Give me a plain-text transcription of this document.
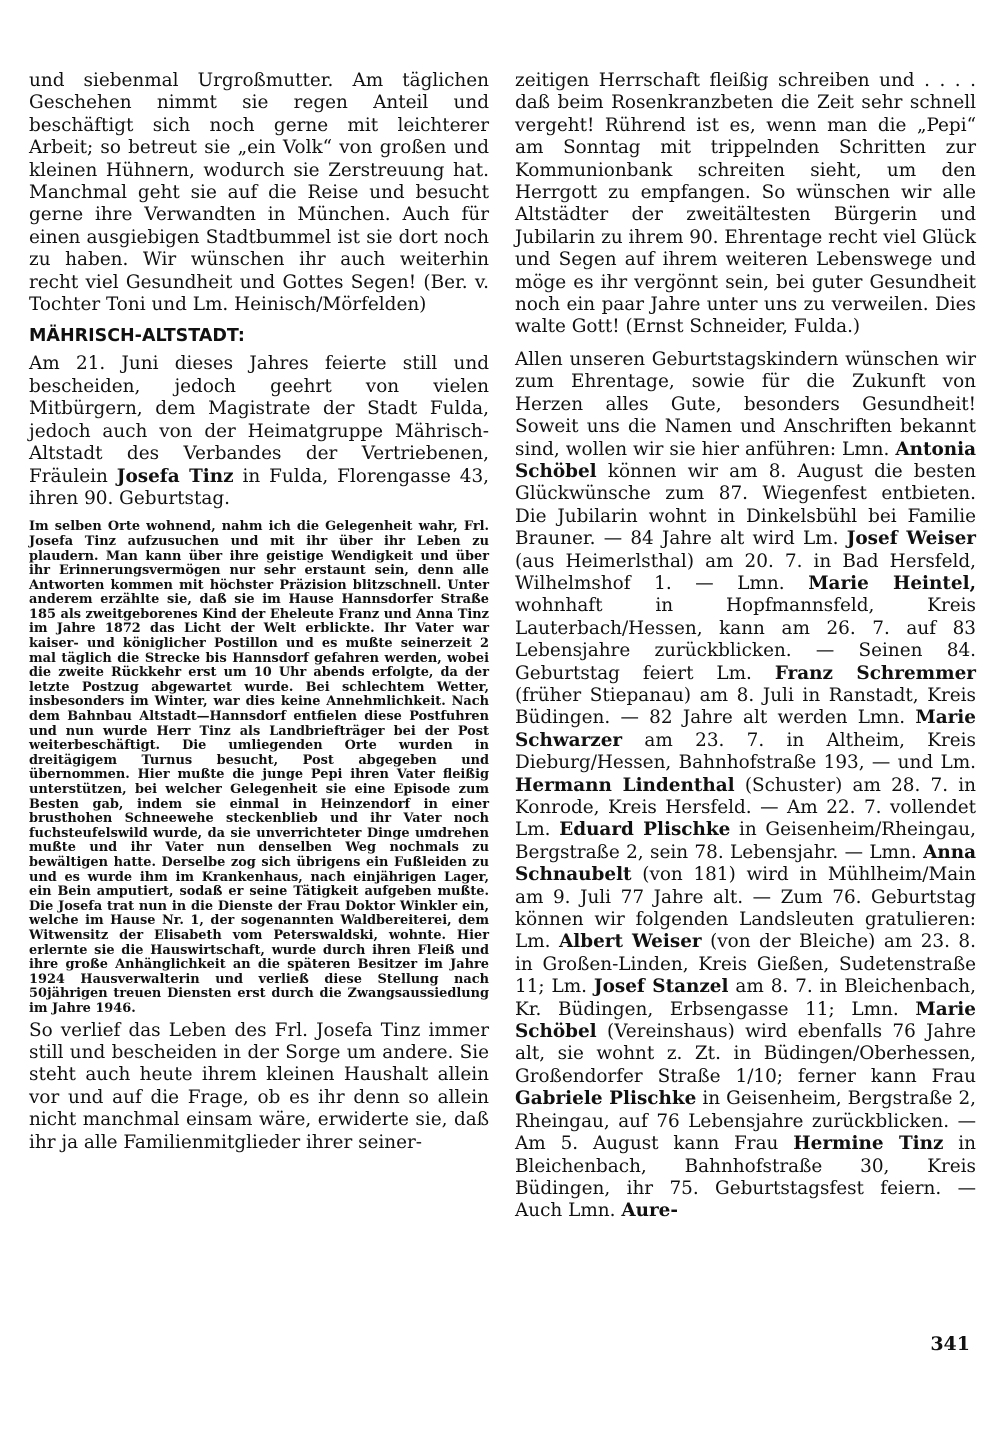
und siebenmal Urgroßmutter. Am täglichen Geschehen nimmt sie regen Anteil und beschäftigt sich noch gerne mit leichterer Arbeit; so betreut sie „ein Volk“ von großen und kleinen Hühnern, wodurch sie Zerstreuung hat. Manchmal geht sie auf die Reise und besucht gerne ihre Verwandten in München. Auch für einen ausgiebigen Stadtbummel ist sie dort noch zu haben. Wir wünschen ihr auch weiterhin recht viel Gesundheit und Gottes Segen! (Ber. v. Tochter Toni und Lm. Heinisch/Mörfelden)

MÄHRISCH-ALTSTADT:

Am 21. Juni dieses Jahres feierte still und bescheiden, jedoch geehrt von vielen Mitbürgern, dem Magistrate der Stadt Fulda, jedoch auch von der Heimatgruppe Mährisch-Altstadt des Verbandes der Vertriebenen, Fräulein Josefa Tinz in Fulda, Florengasse 43, ihren 90. Geburtstag.

Im selben Orte wohnend, nahm ich die Gelegenheit wahr, Frl. Josefa Tinz aufzusuchen und mit ihr über ihr Leben zu plaudern. Man kann über ihre geistige Wendigkeit und über ihr Erinnerungsvermögen nur sehr erstaunt sein, denn alle Antworten kommen mit höchster Präzision blitzschnell. Unter anderem erzählte sie, daß sie im Hause Hannsdorfer Straße 185 als zweitgeborenes Kind der Eheleute Franz und Anna Tinz im Jahre 1872 das Licht der Welt erblickte. Ihr Vater war kaiser- und königlicher Postillon und es mußte seinerzeit 2 mal täglich die Strecke bis Hannsdorf gefahren werden, wobei die zweite Rückkehr erst um 10 Uhr abends erfolgte, da der letzte Postzug abgewartet wurde. Bei schlechtem Wetter, insbesonders im Winter, war dies keine Annehmlichkeit. Nach dem Bahnbau Altstadt—Hannsdorf entfielen diese Postfuhren und nun wurde Herr Tinz als Landbriefträger bei der Post weiterbeschäftigt. Die umliegenden Orte wurden in dreitägigem Turnus besucht, Post abgegeben und übernommen. Hier mußte die junge Pepi ihren Vater fleißig unterstützen, bei welcher Gelegenheit sie eine Episode zum Besten gab, indem sie einmal in Heinzendorf in einer brusthohen Schneewehe steckenblieb und ihr Vater noch fuchsteufelswild wurde, da sie unverrichteter Dinge umdrehen mußte und ihr Vater nun denselben Weg nochmals zu bewältigen hatte. Derselbe zog sich übrigens ein Fußleiden zu und es wurde ihm im Krankenhaus, nach einjährigen Lager, ein Bein amputiert, sodaß er seine Tätigkeit aufgeben mußte. Die Josefa trat nun in die Dienste der Frau Doktor Winkler ein, welche im Hause Nr. 1, der sogenannten Waldbereiterei, dem Witwensitz der Elisabeth vom Peterswaldski, wohnte. Hier erlernte sie die Hauswirtschaft, wurde durch ihren Fleiß und ihre große Anhänglichkeit an die späteren Besitzer im Jahre 1924 Hausverwalterin und verließ diese Stellung nach 50jährigen treuen Diensten erst durch die Zwangsaussiedlung im Jahre 1946.

So verlief das Leben des Frl. Josefa Tinz immer still und bescheiden in der Sorge um andere. Sie steht auch heute ihrem kleinen Haushalt allein vor und auf die Frage, ob es ihr denn so allein nicht manchmal einsam wäre, erwiderte sie, daß ihr ja alle Familienmitglieder ihrer seiner-

zeitigen Herrschaft fleißig schreiben und . . . . daß beim Rosenkranzbeten die Zeit sehr schnell vergeht! Rührend ist es, wenn man die „Pepi“ am Sonntag mit trippelnden Schritten zur Kommunionbank schreiten sieht, um den Herrgott zu empfangen. So wünschen wir alle Altstädter der zweitältesten Bürgerin und Jubilarin zu ihrem 90. Ehrentage recht viel Glück und Segen auf ihrem weiteren Lebenswege und möge es ihr vergönnt sein, bei guter Gesundheit noch ein paar Jahre unter uns zu verweilen. Dies walte Gott! (Ernst Schneider, Fulda.)

Allen unseren Geburtstagskindern wünschen wir zum Ehrentage, sowie für die Zukunft von Herzen alles Gute, besonders Gesundheit! Soweit uns die Namen und Anschriften bekannt sind, wollen wir sie hier anführen: Lmn. Antonia Schöbel können wir am 8. August die besten Glückwünsche zum 87. Wiegenfest entbieten. Die Jubilarin wohnt in Dinkelsbühl bei Familie Brauner. — 84 Jahre alt wird Lm. Josef Weiser (aus Heimerlsthal) am 20. 7. in Bad Hersfeld, Wilhelmshof 1. — Lmn. Marie Heintel, wohnhaft in Hopfmannsfeld, Kreis Lauterbach/Hessen, kann am 26. 7. auf 83 Lebensjahre zurückblicken. — Seinen 84. Geburtstag feiert Lm. Franz Schremmer (früher Stiepanau) am 8. Juli in Ranstadt, Kreis Büdingen. — 82 Jahre alt werden Lmn. Marie Schwarzer am 23. 7. in Altheim, Kreis Dieburg/Hessen, Bahnhofstraße 193, — und Lm. Hermann Lindenthal (Schuster) am 28. 7. in Konrode, Kreis Hersfeld. — Am 22. 7. vollendet Lm. Eduard Plischke in Geisenheim/Rheingau, Bergstraße 2, sein 78. Lebensjahr. — Lmn. Anna Schnaubelt (von 181) wird in Mühlheim/Main am 9. Juli 77 Jahre alt. — Zum 76. Geburtstag können wir folgenden Landsleuten gratulieren: Lm. Albert Weiser (von der Bleiche) am 23. 8. in Großen-Linden, Kreis Gießen, Sudetenstraße 11; Lm. Josef Stanzel am 8. 7. in Bleichenbach, Kr. Büdingen, Erbsengasse 11; Lmn. Marie Schöbel (Vereinshaus) wird ebenfalls 76 Jahre alt, sie wohnt z. Zt. in Büdingen/Oberhessen, Großendorfer Straße 1/10; ferner kann Frau Gabriele Plischke in Geisenheim, Bergstraße 2, Rheingau, auf 76 Lebensjahre zurückblicken. — Am 5. August kann Frau Hermine Tinz in Bleichenbach, Bahnhofstraße 30, Kreis Büdingen, ihr 75. Geburtstagsfest feiern. — Auch Lmn. Aure-

341
